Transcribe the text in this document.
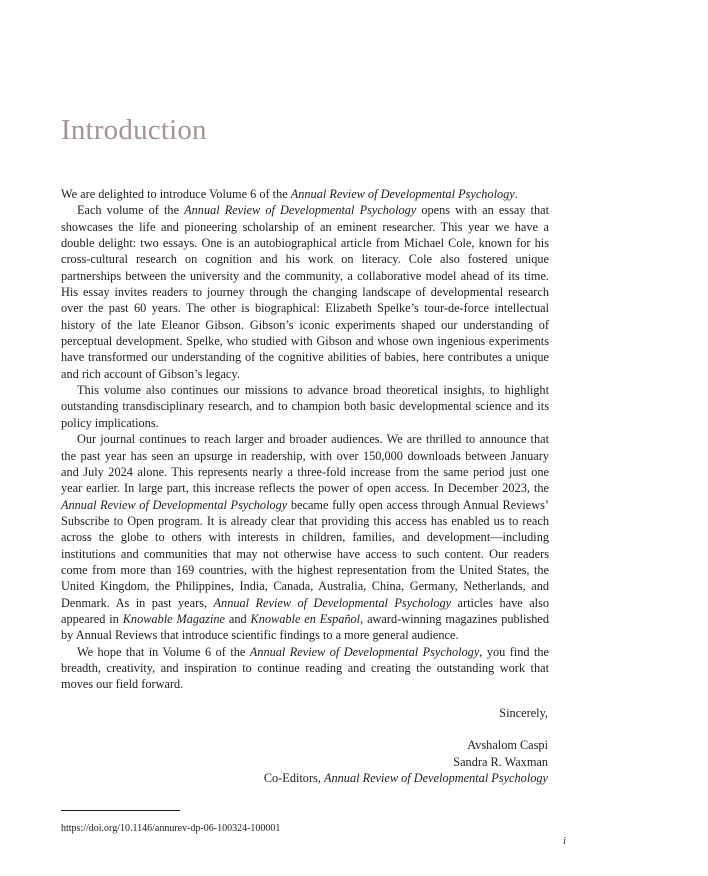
Introduction

We are delighted to introduce Volume 6 of the Annual Review of Developmental Psychology.

Each volume of the Annual Review of Developmental Psychology opens with an essay that showcases the life and pioneering scholarship of an eminent researcher. This year we have a double delight: two essays. One is an autobiographical article from Michael Cole, known for his cross-cultural research on cognition and his work on literacy. Cole also fostered unique partnerships between the university and the community, a collaborative model ahead of its time. His essay invites readers to journey through the changing landscape of developmental research over the past 60 years. The other is biographical: Elizabeth Spelke’s tour-de-force intellectual history of the late Eleanor Gibson. Gibson’s iconic experiments shaped our understanding of perceptual development. Spelke, who studied with Gibson and whose own ingenious experiments have transformed our understanding of the cognitive abilities of babies, here contributes a unique and rich account of Gibson’s legacy.

This volume also continues our missions to advance broad theoretical insights, to highlight outstanding transdisciplinary research, and to champion both basic developmental science and its policy implications.

Our journal continues to reach larger and broader audiences. We are thrilled to announce that the past year has seen an upsurge in readership, with over 150,000 downloads between January and July 2024 alone. This represents nearly a three-fold increase from the same period just one year earlier. In large part, this increase reflects the power of open access. In December 2023, the Annual Review of Developmental Psychology became fully open access through Annual Reviews’ Subscribe to Open program. It is already clear that providing this access has enabled us to reach across the globe to others with interests in children, families, and development—including institutions and communities that may not otherwise have access to such content. Our readers come from more than 169 countries, with the highest representation from the United States, the United Kingdom, the Philippines, India, Canada, Australia, China, Germany, Netherlands, and Denmark. As in past years, Annual Review of Developmental Psychology articles have also appeared in Knowable Magazine and Knowable en Español, award-winning magazines published by Annual Reviews that introduce scientific findings to a more general audience.

We hope that in Volume 6 of the Annual Review of Developmental Psychology, you find the breadth, creativity, and inspiration to continue reading and creating the outstanding work that moves our field forward.

Sincerely,
Avshalom Caspi
Sandra R. Waxman
Co-Editors, Annual Review of Developmental Psychology
https://doi.org/10.1146/annurev-dp-06-100324-100001
i
